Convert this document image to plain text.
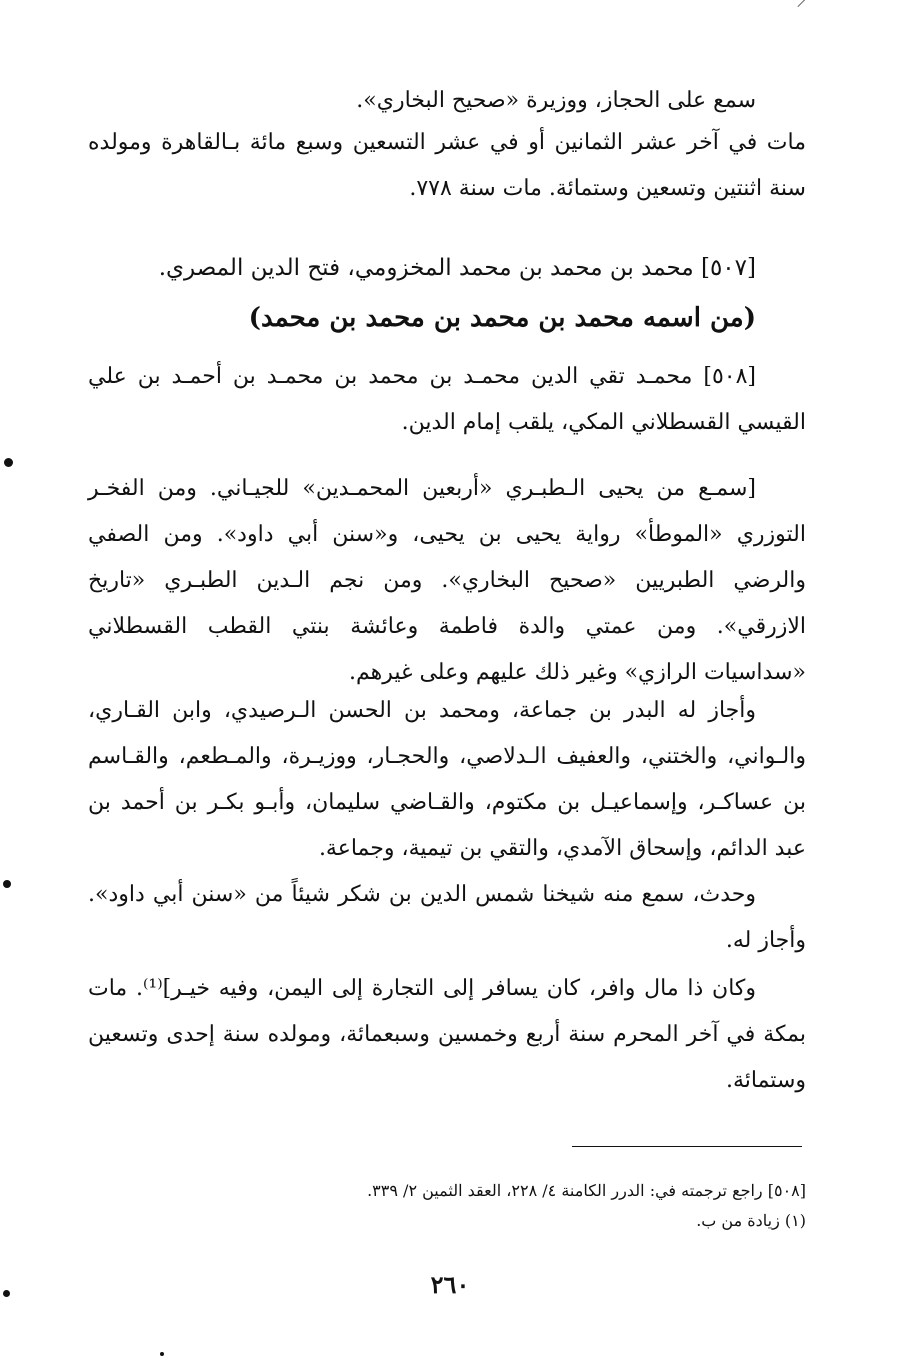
سمع على الحجاز، ووزيرة «صحيح البخاري».

مات في آخر عشر الثمانين أو في عشر التسعين وسبع مائة بـالقاهرة ومولده سنة اثنتين وتسعين وستمائة. مات سنة ٧٧٨.

[٥٠٧] محمد بن محمد بن محمد المخزومي، فتح الدين المصري.

(من اسمه محمد بن محمد بن محمد بن محمد)

[٥٠٨] محمـد تقي الدين محمـد بن محمد بن محمـد بن أحمـد بن علي القيسي القسطلاني المكي، يلقب إمام الدين.

[سمـع من يحيى الـطبـري «أربعين المحمـدين» للجيـاني. ومن الفخـر التوزري «الموطأ» رواية يحيى بن يحيى، و«سنن أبي داود». ومن الصفي والرضي الطبريين «صحيح البخاري». ومن نجم الـدين الطبـري «تاريخ الازرقي». ومن عمتي والدة فاطمة وعائشة بنتي القطب القسطلاني «سداسيات الرازي» وغير ذلك عليهم وعلى غيرهم.

وأجاز له البدر بن جماعة، ومحمد بن الحسن الـرصيدي، وابن القـاري، والـواني، والختني، والعفيف الـدلاصي، والحجـار، ووزيـرة، والمـطعم، والقـاسم بن عساكـر، وإسماعيـل بن مكتوم، والقـاضي سليمان، وأبـو بكـر بن أحمد بن عبد الدائم، وإسحاق الآمدي، والتقي بن تيمية، وجماعة.

وحدث، سمع منه شيخنا شمس الدين بن شكر شيئاً من «سنن أبي داود». وأجاز له.

وكان ذا مال وافر، كان يسافر إلى التجارة إلى اليمن، وفيه خيـر]⁽¹⁾. مات بمكة في آخر المحرم سنة أربع وخمسين وسبعمائة، ومولده سنة إحدى وتسعين وستمائة.

[٥٠٨] راجع ترجمته في: الدرر الكامنة ٤/ ٢٢٨، العقد الثمين ٢/ ٣٣٩.

(١) زيادة من ب.

٢٦٠
